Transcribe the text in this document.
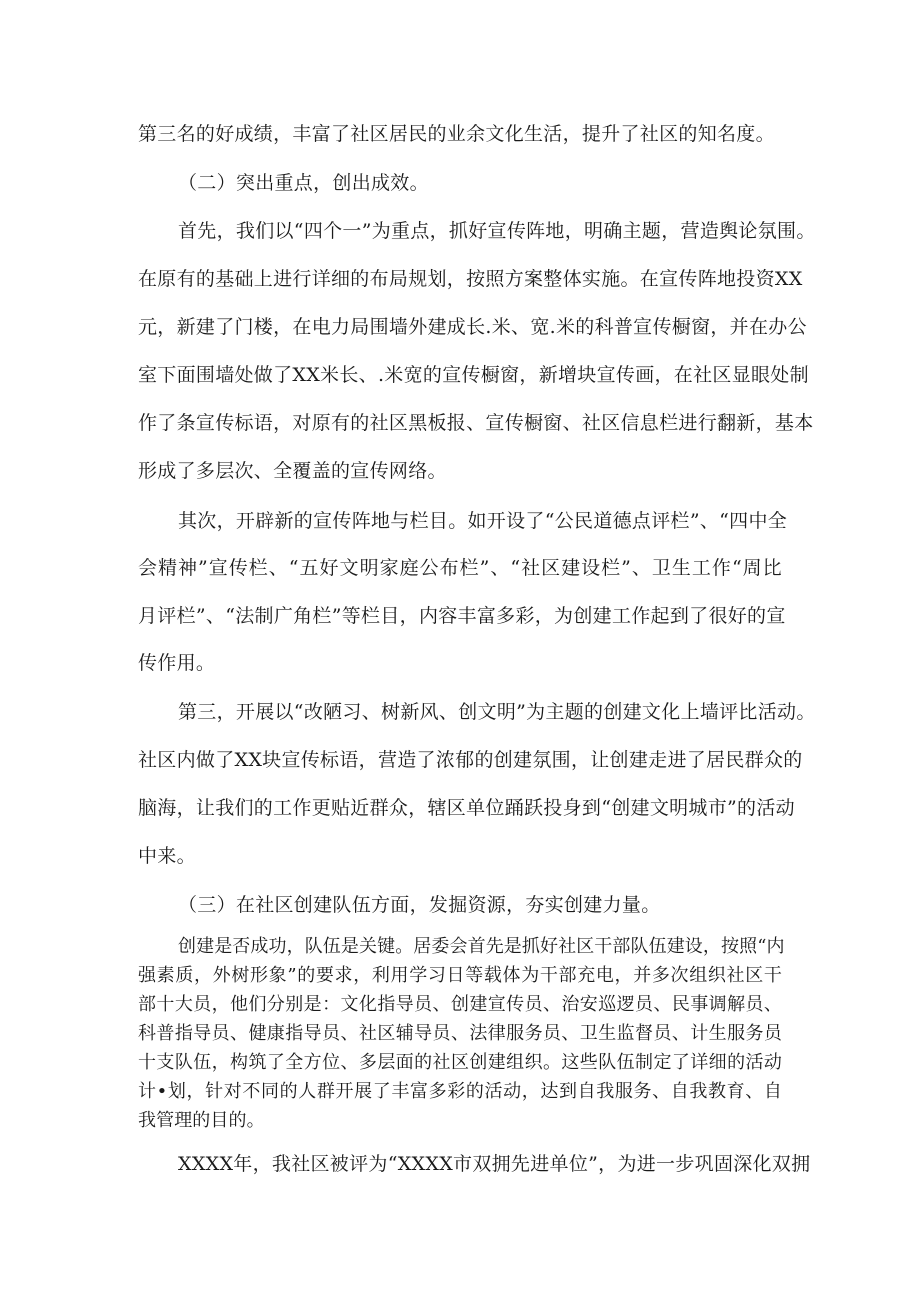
第三名的好成绩，丰富了社区居民的业余文化生活，提升了社区的知名度。

（二）突出重点，创出成效。

首先，我们以“四个一”为重点，抓好宣传阵地，明确主题，营造舆论氛围。

在原有的基础上进行详细的布局规划，按照方案整体实施。在宣传阵地投资XX

元，新建了门楼，在电力局围墙外建成长.米、宽.米的科普宣传橱窗，并在办公

室下面围墙处做了XX米长、.米宽的宣传橱窗，新增块宣传画，在社区显眼处制

作了条宣传标语，对原有的社区黑板报、宣传橱窗、社区信息栏进行翻新，基本

形成了多层次、全覆盖的宣传网络。

其次，开辟新的宣传阵地与栏目。如开设了“公民道德点评栏”、“四中全

会精神”宣传栏、“五好文明家庭公布栏”、“社区建设栏”、卫生工作“周比

月评栏”、“法制广角栏”等栏目，内容丰富多彩，为创建工作起到了很好的宣

传作用。

第三，开展以“改陋习、树新风、创文明”为主题的创建文化上墙评比活动。

社区内做了XX块宣传标语，营造了浓郁的创建氛围，让创建走进了居民群众的

脑海，让我们的工作更贴近群众，辖区单位踊跃投身到“创建文明城市”的活动

中来。

（三）在社区创建队伍方面，发掘资源，夯实创建力量。

创建是否成功，队伍是关键。居委会首先是抓好社区干部队伍建设，按照“内

强素质，外树形象”的要求，利用学习日等载体为干部充电，并多次组织社区干

部十大员，他们分别是：文化指导员、创建宣传员、治安巡逻员、民事调解员、

科普指导员、健康指导员、社区辅导员、法律服务员、卫生监督员、计生服务员

十支队伍，构筑了全方位、多层面的社区创建组织。这些队伍制定了详细的活动

计•划，针对不同的人群开展了丰富多彩的活动，达到自我服务、自我教育、自

我管理的目的。

XXXX年，我社区被评为“XXXX市双拥先进单位”，为进一步巩固深化双拥
